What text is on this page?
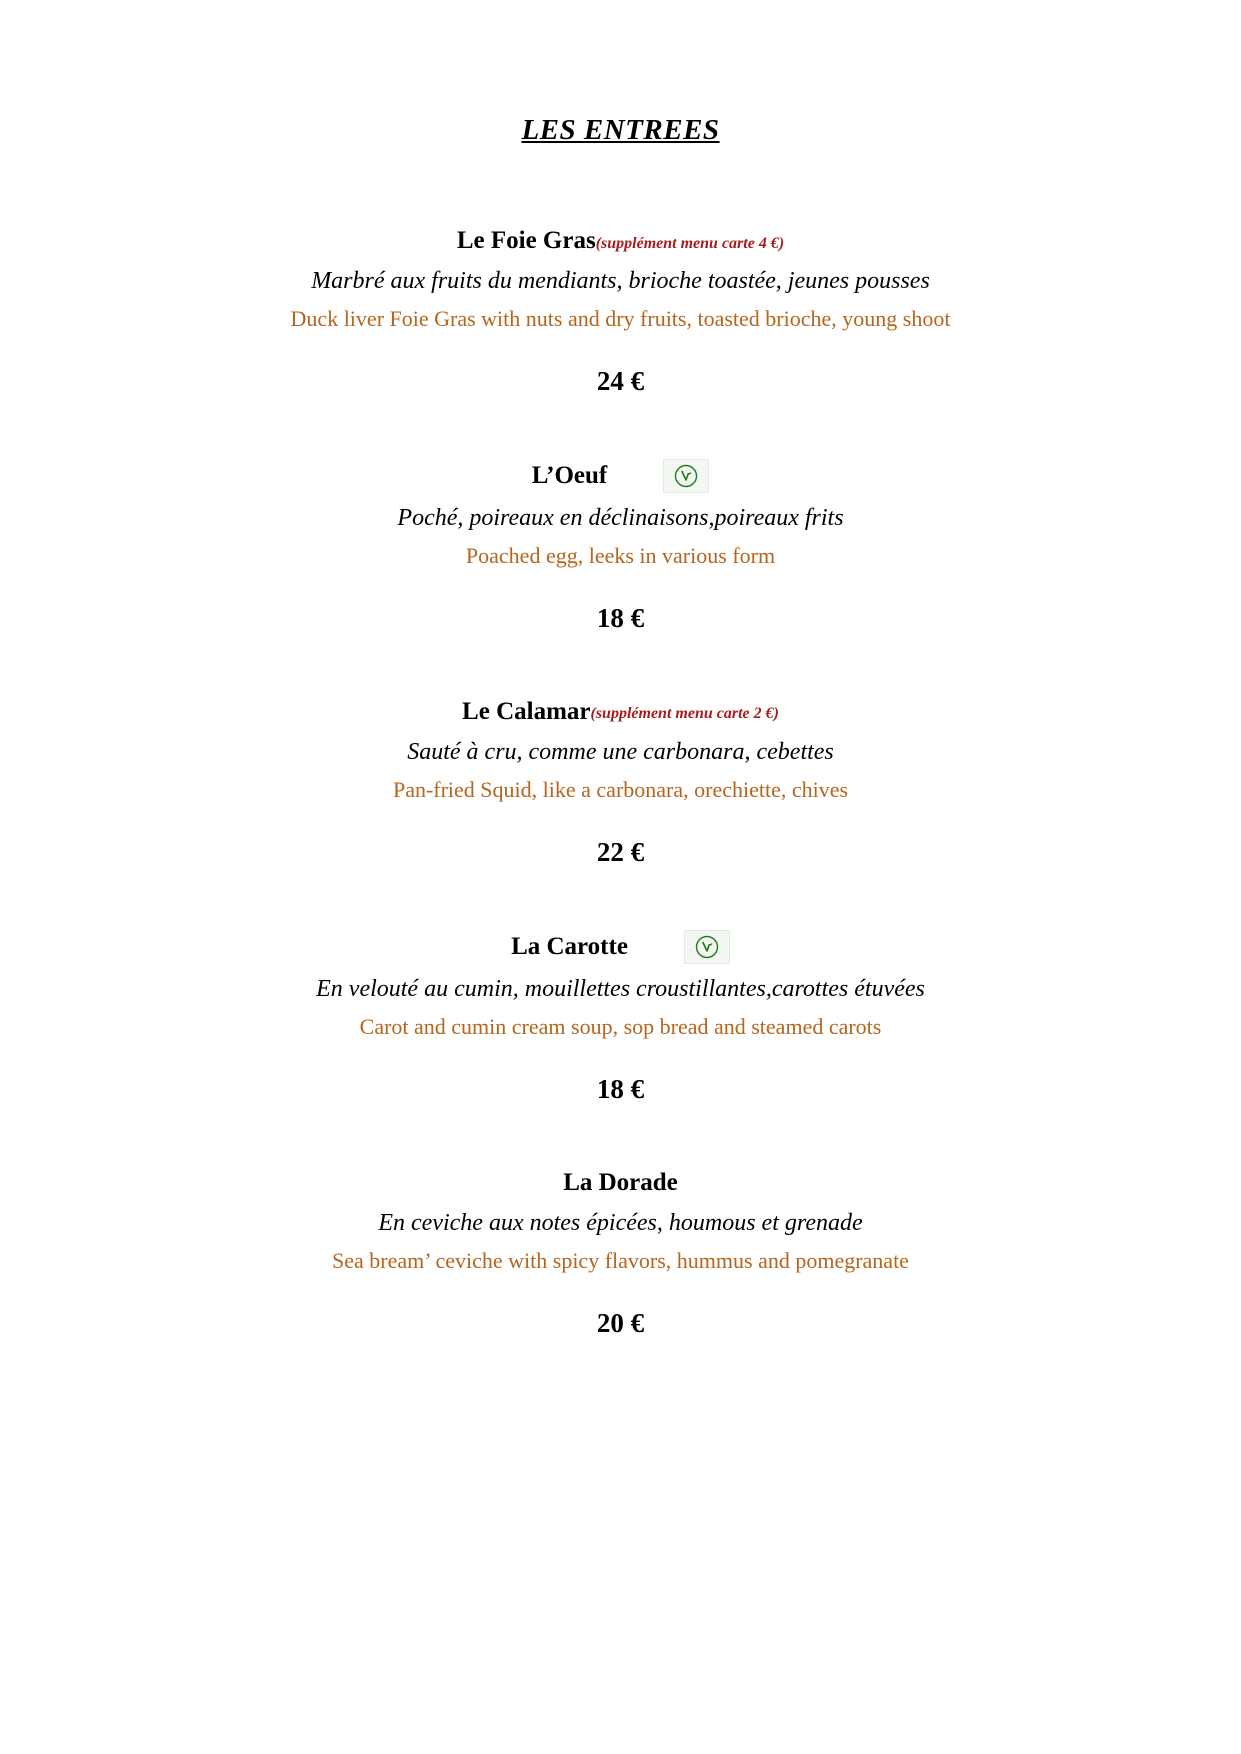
LES ENTREES
Le Foie Gras (supplément menu carte 4 €)
Marbré aux fruits du mendiants, brioche toastée, jeunes pousses
Duck liver Foie Gras with nuts and dry fruits, toasted brioche, young shoot
24 €
L’Oeuf
Poché, poireaux en déclinaisons,poireaux frits
Poached egg, leeks in various form
18 €
Le Calamar (supplément menu carte 2 €)
Sauté à cru, comme une carbonara, cebettes
Pan-fried Squid, like a carbonara, orechiette, chives
22 €
La Carotte
En velouté au cumin, mouillettes croustillantes,carottes étuvées
Carot and cumin cream soup, sop bread and steamed carots
18 €
La Dorade
En ceviche aux notes épicées, houmous et grenade
Sea bream’ ceviche with spicy flavors, hummus and pomegranate
20 €
